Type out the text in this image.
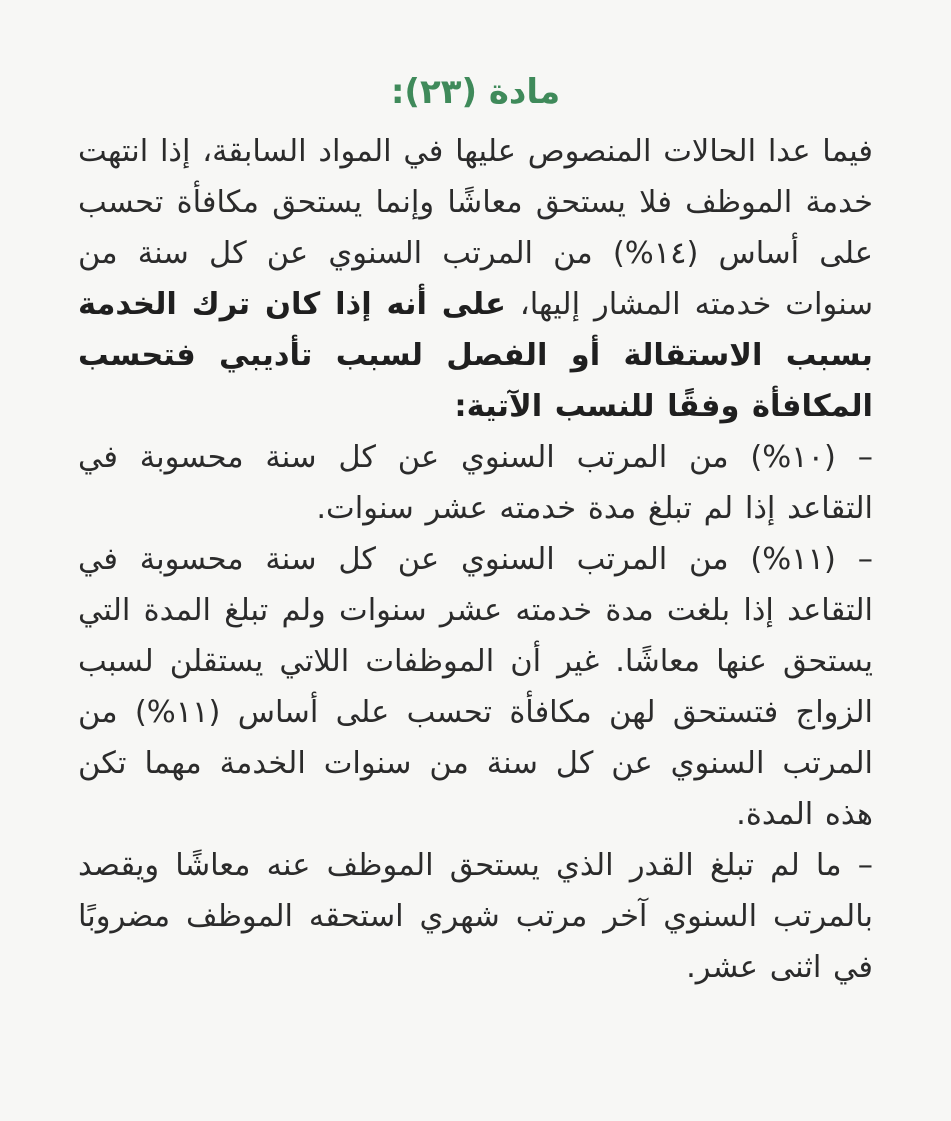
مادة (٢٣):

فيما عدا الحالات المنصوص عليها في المواد السابقة، إذا انتهت خدمة الموظف فلا يستحق معاشًا وإنما يستحق مكافأة تحسب على أساس (١٤%) من المرتب السنوي عن كل سنة من سنوات خدمته المشار إليها، على أنه إذا كان ترك الخدمة بسبب الاستقالة أو الفصل لسبب تأديبي فتحسب المكافأة وفقًا للنسب الآتية:

– (١٠%) من المرتب السنوي عن كل سنة محسوبة في التقاعد إذا لم تبلغ مدة خدمته عشر سنوات.
– (١١%) من المرتب السنوي عن كل سنة محسوبة في التقاعد إذا بلغت مدة خدمته عشر سنوات ولم تبلغ المدة التي يستحق عنها معاشًا. غير أن الموظفات اللاتي يستقلن لسبب الزواج فتستحق لهن مكافأة تحسب على أساس (١١%) من المرتب السنوي عن كل سنة من سنوات الخدمة مهما تكن هذه المدة.
– ما لم تبلغ القدر الذي يستحق الموظف عنه معاشًا ويقصد بالمرتب السنوي آخر مرتب شهري استحقه الموظف مضروبًا في اثنى عشر.
